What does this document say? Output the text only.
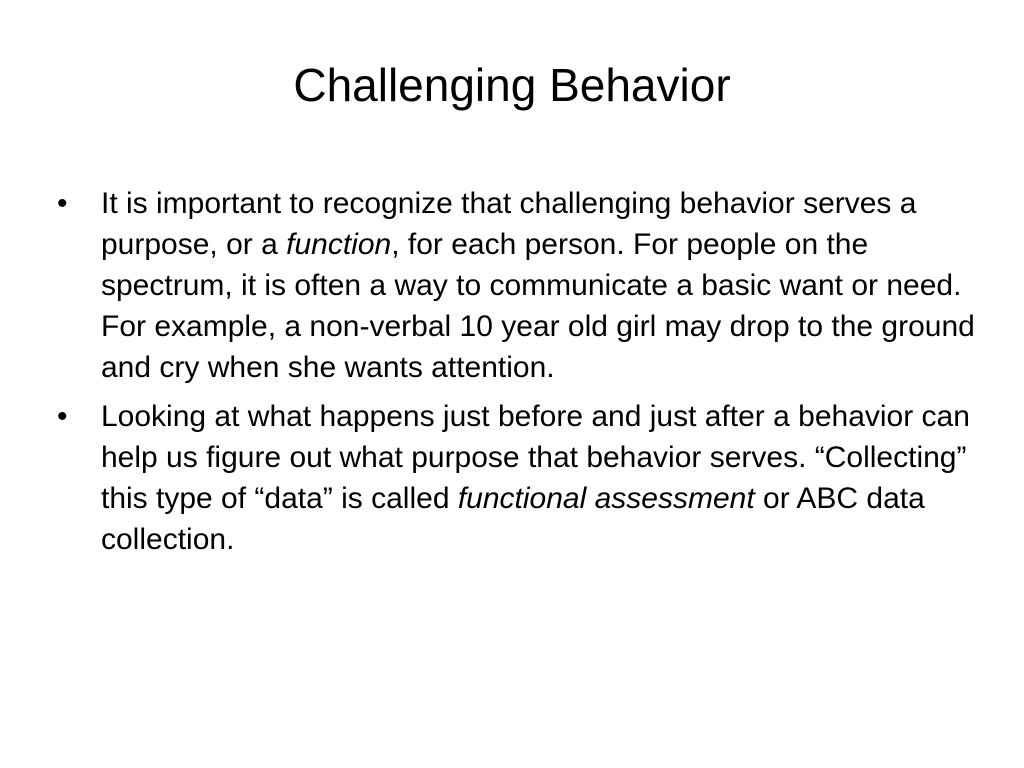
Challenging Behavior
•	It is important to recognize that challenging behavior serves a purpose, or a function, for each person. For people on the spectrum, it is often a way to communicate a basic want or need. For example, a non-verbal 10 year old girl may drop to the ground and cry when she wants attention.
•	Looking at what happens just before and just after a behavior can help us figure out what purpose that behavior serves. “Collecting” this type of “data” is called functional assessment or ABC data collection.
